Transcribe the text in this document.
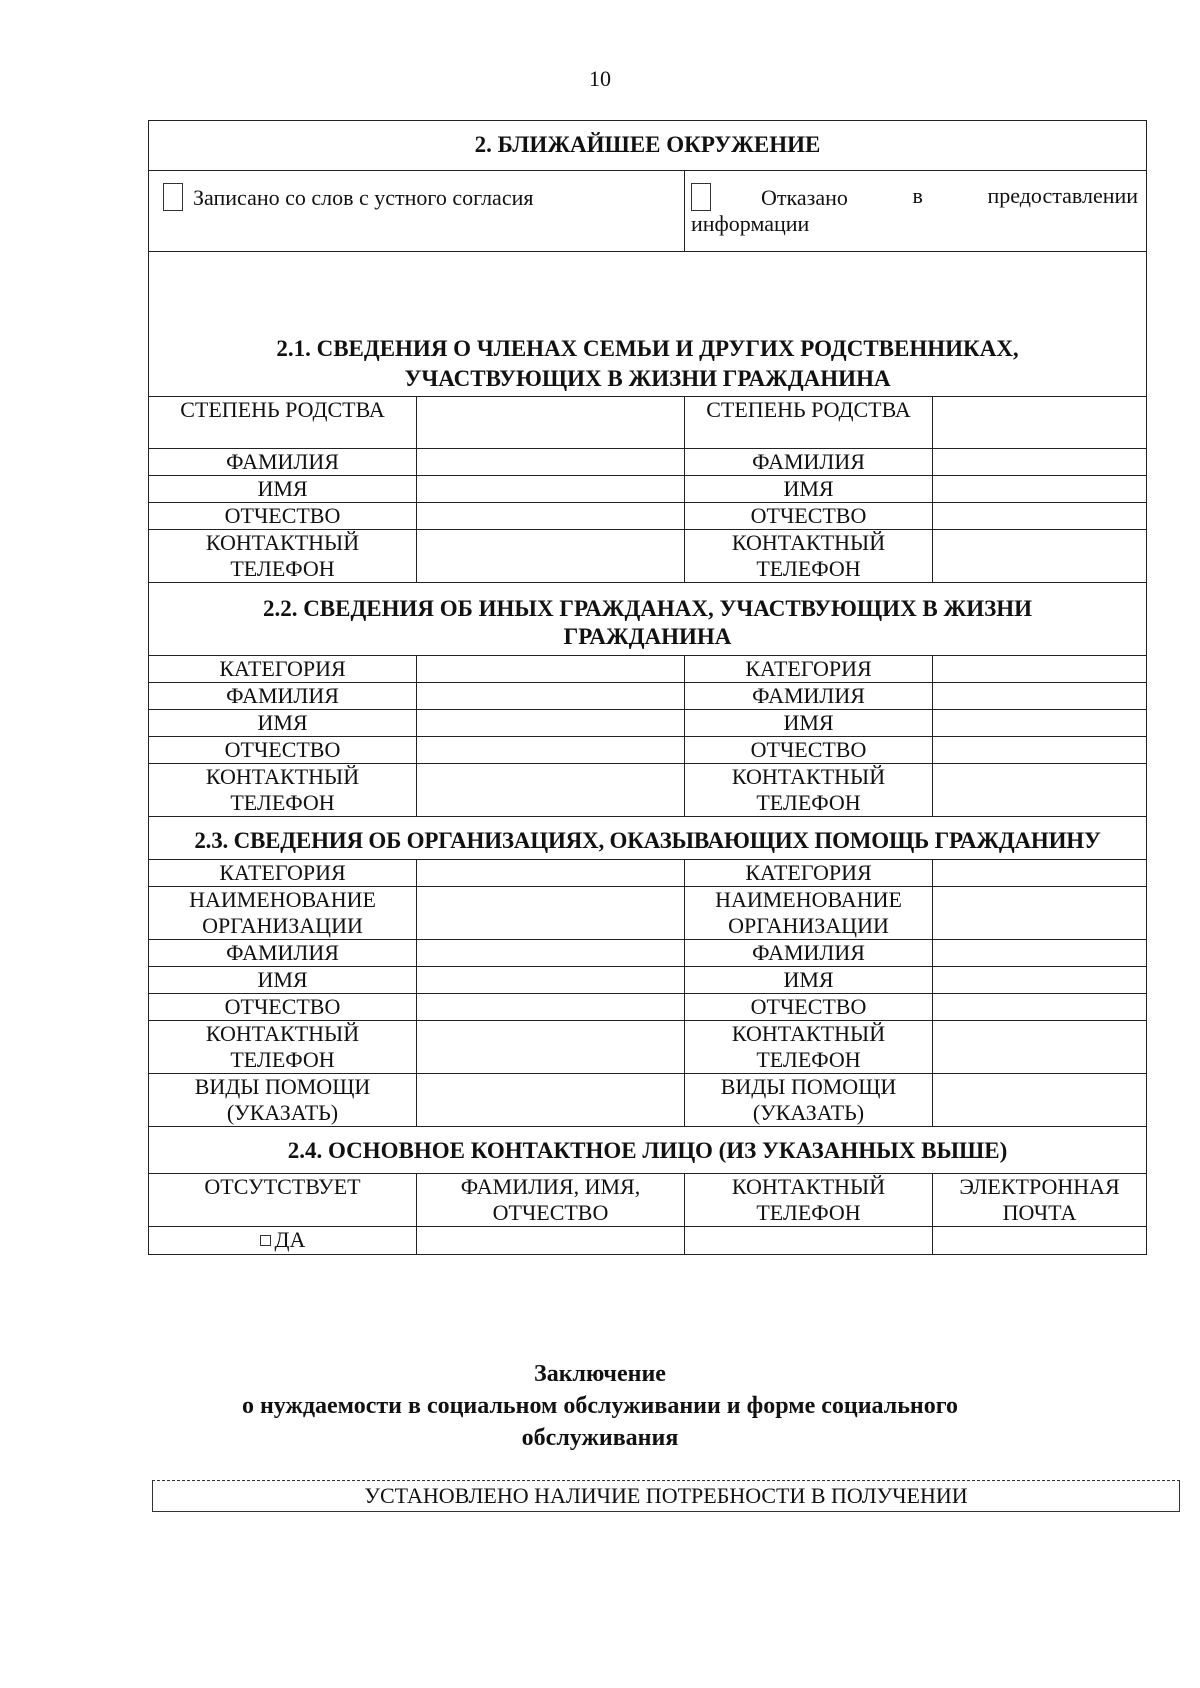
10
2. БЛИЖАЙШЕЕ ОКРУЖЕНИЕ			
Записано со слов с устного согласия		Отказано в предоставлении
информации	

2.1. СВЕДЕНИЯ О ЧЛЕНАХ СЕМЬИ И ДРУГИХ РОДСТВЕННИКАХ,
УЧАСТВУЮЩИХ В ЖИЗНИ ГРАЖДАНИНА			

СТЕПЕНЬ РОДСТВА		СТЕПЕНЬ РОДСТВА	
ФАМИЛИЯ		ФАМИЛИЯ	
ИМЯ		ИМЯ	
ОТЧЕСТВО		ОТЧЕСТВО	
КОНТАКТНЫЙ ТЕЛЕФОН		КОНТАКТНЫЙ ТЕЛЕФОН	

2.2. СВЕДЕНИЯ ОБ ИНЫХ ГРАЖДАНАХ, УЧАСТВУЮЩИХ В ЖИЗНИ
ГРАЖДАНИНА			

КАТЕГОРИЯ		КАТЕГОРИЯ	
ФАМИЛИЯ		ФАМИЛИЯ	
ИМЯ		ИМЯ	
ОТЧЕСТВО		ОТЧЕСТВО	
КОНТАКТНЫЙ ТЕЛЕФОН		КОНТАКТНЫЙ ТЕЛЕФОН	
2.3. СВЕДЕНИЯ ОБ ОРГАНИЗАЦИЯХ, ОКАЗЫВАЮЩИХ ПОМОЩЬ ГРАЖДАНИНУ			
КАТЕГОРИЯ		КАТЕГОРИЯ	
НАИМЕНОВАНИЕ ОРГАНИЗАЦИИ		НАИМЕНОВАНИЕ ОРГАНИЗАЦИИ	
ФАМИЛИЯ		ФАМИЛИЯ	
ИМЯ		ИМЯ	
ОТЧЕСТВО		ОТЧЕСТВО	
КОНТАКТНЫЙ ТЕЛЕФОН		КОНТАКТНЫЙ ТЕЛЕФОН	
ВИДЫ ПОМОЩИ (УКАЗАТЬ)		ВИДЫ ПОМОЩИ (УКАЗАТЬ)	
2.4. ОСНОВНОЕ КОНТАКТНОЕ ЛИЦО (ИЗ УКАЗАННЫХ ВЫШЕ)			
ОТСУТСТВУЕТ	ФАМИЛИЯ, ИМЯ, ОТЧЕСТВО	КОНТАКТНЫЙ ТЕЛЕФОН	ЭЛЕКТРОННАЯ ПОЧТА
ДА			
Заключение
о нуждаемости в социальном обслуживании и форме социального
обслуживания
УСТАНОВЛЕНО НАЛИЧИЕ ПОТРЕБНОСТИ В ПОЛУЧЕНИИ
